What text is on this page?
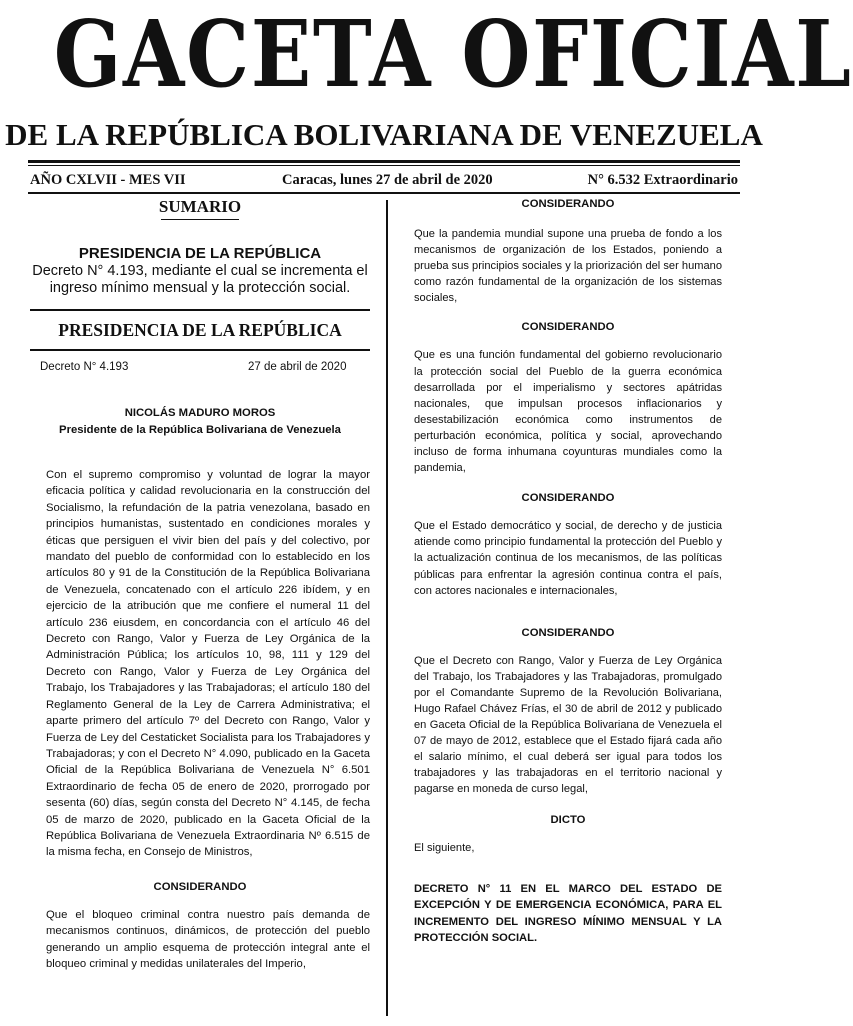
GACETA OFICIAL
DE LA REPÚBLICA BOLIVARIANA DE VENEZUELA
AÑO CXLVII - MES VII	Caracas, lunes 27 de abril de 2020	N° 6.532 Extraordinario
SUMARIO
PRESIDENCIA DE LA REPÚBLICA
Decreto N° 4.193, mediante el cual se incrementa el ingreso mínimo mensual y la protección social.
PRESIDENCIA DE LA REPÚBLICA
Decreto N° 4.193	27 de abril de 2020
NICOLÁS MADURO MOROS
Presidente de la República Bolivariana de Venezuela

Con el supremo compromiso y voluntad de lograr la mayor eficacia política y calidad revolucionaria en la construcción del Socialismo, la refundación de la patria venezolana, basado en principios humanistas, sustentado en condiciones morales y éticas que persiguen el vivir bien del país y del colectivo, por mandato del pueblo de conformidad con lo establecido en los artículos 80 y 91 de la Constitución de la República Bolivariana de Venezuela, concatenado con el artículo 226 ibídem, y en ejercicio de la atribución que me confiere el numeral 11 del artículo 236 eiusdem, en concordancia con el artículo 46 del Decreto con Rango, Valor y Fuerza de Ley Orgánica de la Administración Pública; los artículos 10, 98, 111 y 129 del Decreto con Rango, Valor y Fuerza de Ley Orgánica del Trabajo, los Trabajadores y las Trabajadoras; el artículo 180 del Reglamento General de la Ley de Carrera Administrativa; el aparte primero del artículo 7º del Decreto con Rango, Valor y Fuerza de Ley del Cestaticket Socialista para los Trabajadores y Trabajadoras; y con el Decreto N° 4.090, publicado en la Gaceta Oficial de la República Bolivariana de Venezuela N° 6.501 Extraordinario de fecha 05 de enero de 2020, prorrogado por sesenta (60) días, según consta del Decreto N° 4.145, de fecha 05 de marzo de 2020, publicado en la Gaceta Oficial de la República Bolivariana de Venezuela Extraordinaria Nº 6.515 de la misma fecha, en Consejo de Ministros,

CONSIDERANDO

Que el bloqueo criminal contra nuestro país demanda de mecanismos continuos, dinámicos, de protección del pueblo generando un amplio esquema de protección integral ante el bloqueo criminal y medidas unilaterales del Imperio,

CONSIDERANDO

Que la pandemia mundial supone una prueba de fondo a los mecanismos de organización de los Estados, poniendo a prueba sus principios sociales y la priorización del ser humano como razón fundamental de la organización de los sistemas sociales,

CONSIDERANDO

Que es una función fundamental del gobierno revolucionario la protección social del Pueblo de la guerra económica desarrollada por el imperialismo y sectores apátridas nacionales, que impulsan procesos inflacionarios y desestabilización económica como instrumentos de perturbación económica, política y social, aprovechando incluso de forma inhumana coyunturas mundiales como la pandemia,

CONSIDERANDO

Que el Estado democrático y social, de derecho y de justicia atiende como principio fundamental la protección del Pueblo y la actualización continua de los mecanismos, de las políticas públicas para enfrentar la agresión continua contra el país, con actores nacionales e internacionales,

CONSIDERANDO

Que el Decreto con Rango, Valor y Fuerza de Ley Orgánica del Trabajo, los Trabajadores y las Trabajadoras, promulgado por el Comandante Supremo de la Revolución Bolivariana, Hugo Rafael Chávez Frías, el 30 de abril de 2012 y publicado en Gaceta Oficial de la República Bolivariana de Venezuela el 07 de mayo de 2012, establece que el Estado fijará cada año el salario mínimo, el cual deberá ser igual para todos los trabajadores y las trabajadoras en el territorio nacional y pagarse en moneda de curso legal,

DICTO

El siguiente,

DECRETO N° 11 EN EL MARCO DEL ESTADO DE EXCEPCIÓN Y DE EMERGENCIA ECONÓMICA, PARA EL INCREMENTO DEL INGRESO MÍNIMO MENSUAL Y LA PROTECCIÓN SOCIAL.
